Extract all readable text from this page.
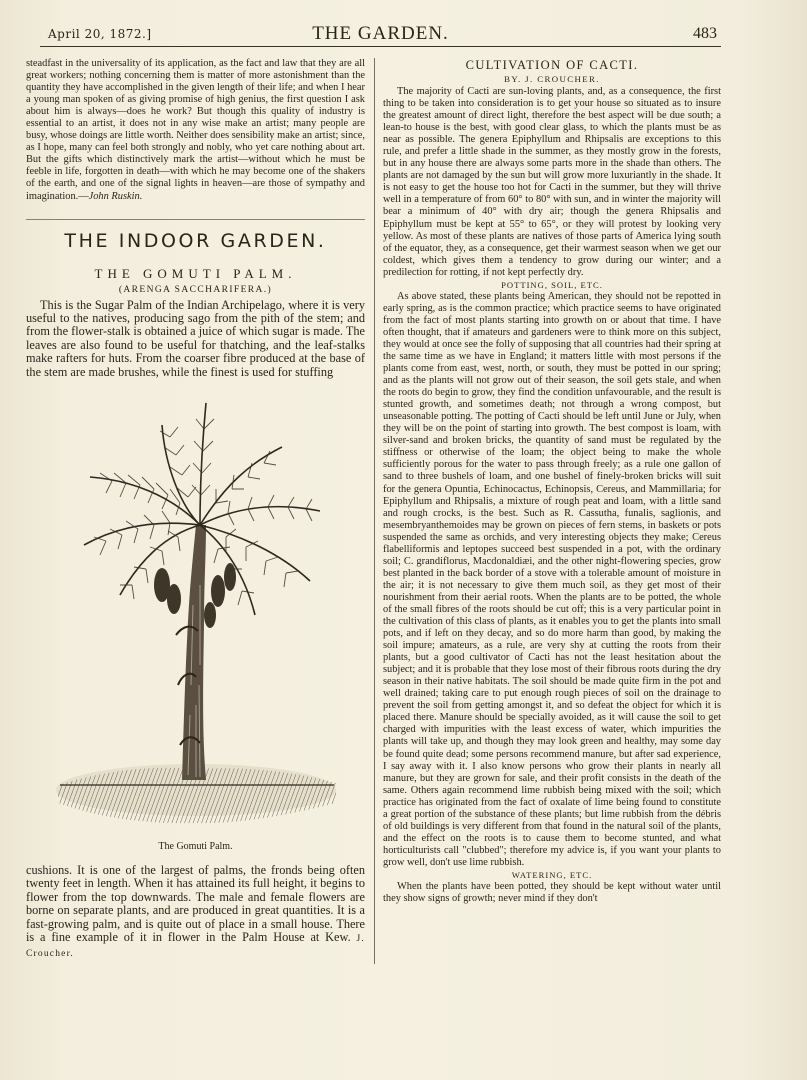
April 20, 1872.]	THE GARDEN.	483

steadfast in the universality of its application, as the fact and law that they are all great workers; nothing concerning them is matter of more astonishment than the quantity they have accomplished in the given length of their life; and when I hear a young man spoken of as giving promise of high genius, the first question I ask about him is always—does he work? But though this quality of industry is essential to an artist, it does not in any wise make an artist; many people are busy, whose doings are little worth. Neither does sensibility make an artist; since, as I hope, many can feel both strongly and nobly, who yet care nothing about art. But the gifts which distinctively mark the artist—without which he must be feeble in life, forgotten in death—with which he may become one of the shakers of the earth, and one of the signal lights in heaven—are those of sympathy and imagination.—John Ruskin.

THE INDOOR GARDEN.
THE GOMUTI PALM.
(ARENGA SACCHARIFERA.)

This is the Sugar Palm of the Indian Archipelago, where it is very useful to the natives, producing sago from the pith of the stem; and from the flower-stalk is obtained a juice of which sugar is made. The leaves are also found to be useful for thatching, and the leaf-stalks make rafters for huts. From the coarser fibre produced at the base of the stem are made brushes, while the finest is used for stuffing

The Gomuti Palm.

cushions. It is one of the largest of palms, the fronds being often twenty feet in length. When it has attained its full height, it begins to flower from the top downwards. The male and female flowers are borne on separate plants, and are produced in great quantities. It is a fast-growing palm, and is quite out of place in a small house. There is a fine example of it in flower in the Palm House at Kew. J. Croucher.

CULTIVATION OF CACTI.
BY. J. CROUCHER.

The majority of Cacti are sun-loving plants, and, as a consequence, the first thing to be taken into consideration is to get your house so situated as to insure the greatest amount of direct light, therefore the best aspect will be due south; a lean-to house is the best, with good clear glass, to which the plants must be as near as possible. The genera Epiphyllum and Rhipsalis are exceptions to this rule, and prefer a little shade in the summer, as they mostly grow in the forests, but in any house there are always some parts more in the shade than others. The plants are not damaged by the sun but will grow more luxuriantly in the shade. It is not easy to get the house too hot for Cacti in the summer, but they will thrive well in a temperature of from 60° to 80° with sun, and in winter the majority will bear a minimum of 40° with dry air; though the genera Rhipsalis and Epiphyllum must be kept at 55° to 65°, or they will protest by looking very yellow. As most of these plants are natives of those parts of America lying south of the equator, they, as a consequence, get their warmest season when we get our coldest, which gives them a tendency to grow during our winter; and a predilection for rotting, if not kept perfectly dry.

POTTING, SOIL, ETC.

As above stated, these plants being American, they should not be repotted in early spring, as is the common practice; which practice seems to have originated from the fact of most plants starting into growth on or about that time. I have often thought, that if amateurs and gardeners were to think more on this subject, they would at once see the folly of supposing that all countries had their spring at the same time as we have in England; it matters little with most persons if the plants come from east, west, north, or south, they must be potted in our spring; and as the plants will not grow out of their season, the soil gets stale, and when the roots do begin to grow, they find the condition unfavourable, and the result is stunted growth, and sometimes death; not through a wrong compost, but unseasonable potting. The potting of Cacti should be left until June or July, when they will be on the point of starting into growth. The best compost is loam, with silver-sand and broken bricks, the quantity of sand must be regulated by the stiffness or otherwise of the loam; the object being to make the whole sufficiently porous for the water to pass through freely; as a rule one gallon of sand to three bushels of loam, and one bushel of finely-broken bricks will suit for the genera Opuntia, Echinocactus, Echinopsis, Cereus, and Mammillaria; for Epiphyllum and Rhipsalis, a mixture of rough peat and loam, with a little sand and rough crocks, is the best. Such as R. Cassutha, funalis, saglionis, and mesembryanthemoides may be grown on pieces of fern stems, in baskets or pots suspended the same as orchids, and very interesting objects they make; Cereus flabelliformis and leptopes succeed best suspended in a pot, with the ordinary soil; C. grandiflorus, Macdonaldiæi, and the other night-flowering species, grow best planted in the back border of a stove with a tolerable amount of moisture in the air; it is not necessary to give them much soil, as they get most of their nourishment from their aerial roots. When the plants are to be potted, the whole of the small fibres of the roots should be cut off; this is a very particular point in the cultivation of this class of plants, as it enables you to get the plants into small pots, and if left on they decay, and so do more harm than good, by making the soil impure; amateurs, as a rule, are very shy at cutting the roots from their plants, but a good cultivator of Cacti has not the least hesitation about the subject; and it is probable that they lose most of their fibrous roots during the dry season in their native habitats. The soil should be made quite firm in the pot and well drained; taking care to put enough rough pieces of soil on the drainage to prevent the soil from getting amongst it, and so defeat the object for which it is placed there. Manure should be specially avoided, as it will cause the soil to get charged with impurities with the least excess of water, which impurities the plants will take up, and though they may look green and healthy, may some day be found quite dead; some persons recommend manure, but after sad experience, I say away with it. I also know persons who grow their plants in nearly all manure, but they are grown for sale, and their profit consists in the death of the same. Others again recommend lime rubbish being mixed with the soil; which practice has originated from the fact of oxalate of lime being found to constitute a great portion of the substance of these plants; but lime rubbish from the débris of old buildings is very different from that found in the natural soil of the plants, and the effect on the roots is to cause them to become stunted, and what horticulturists call "clubbed"; therefore my advice is, if you want your plants to grow well, don't use lime rubbish.

WATERING, ETC.

When the plants have been potted, they should be kept without water until they show signs of growth; never mind if they don't
